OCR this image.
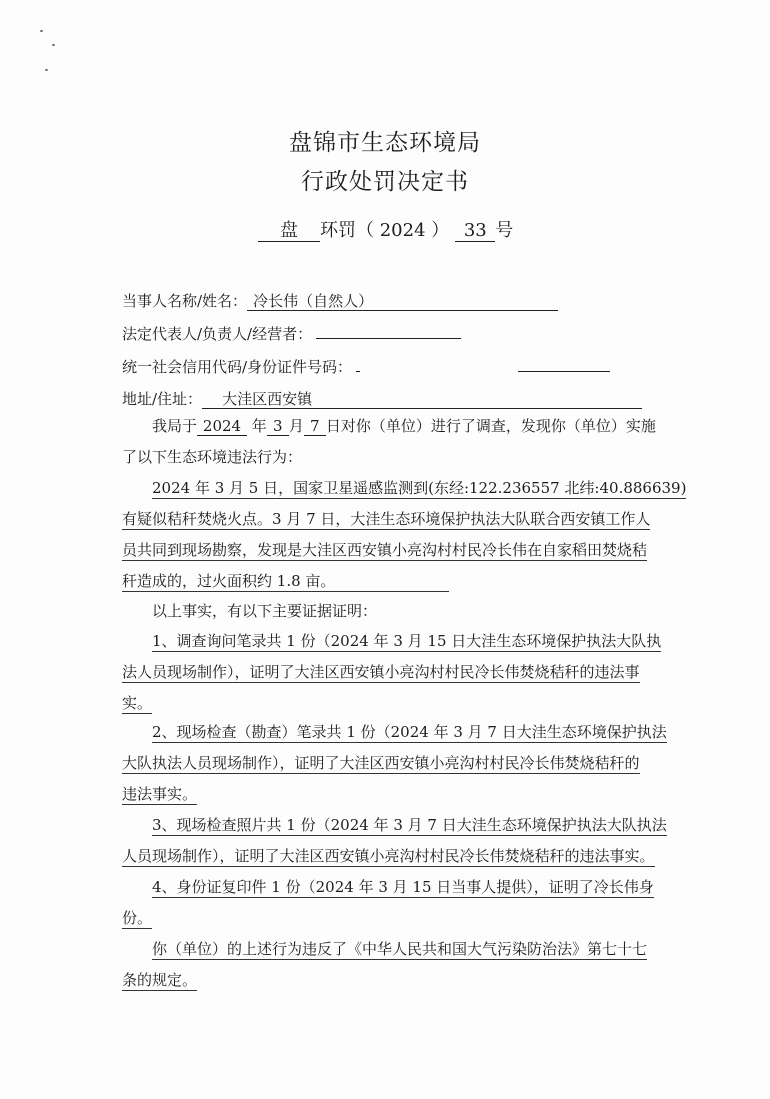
盘锦市生态环境局
行政处罚决定书
盘 环罚（ 2024 ） 33 号
当事人名称/姓名： 冷长伟（自然人）
法定代表人/负责人/经营者：
统一社会信用代码/身份证件号码：
地址/住址： 大洼区西安镇
我局于 2024 年 3 月 7 日对你（单位）进行了调查，发现你（单位）实施
了以下生态环境违法行为：
2024 年 3 月 5 日，国家卫星遥感监测到(东经:122.236557 北纬:40.886639)
有疑似秸秆焚烧火点。3 月 7 日，大洼生态环境保护执法大队联合西安镇工作人
员共同到现场勘察，发现是大洼区西安镇小亮沟村村民冷长伟在自家稻田焚烧秸
秆造成的，过火面积约 1.8 亩。
以上事实，有以下主要证据证明：
1、调查询问笔录共 1 份（2024 年 3 月 15 日大洼生态环境保护执法大队执
法人员现场制作），证明了大洼区西安镇小亮沟村村民冷长伟焚烧秸秆的违法事
实。
2、现场检查（勘查）笔录共 1 份（2024 年 3 月 7 日大洼生态环境保护执法
大队执法人员现场制作），证明了大洼区西安镇小亮沟村村民冷长伟焚烧秸秆的
违法事实。
3、现场检查照片共 1 份（2024 年 3 月 7 日大洼生态环境保护执法大队执法
人员现场制作），证明了大洼区西安镇小亮沟村村民冷长伟焚烧秸秆的违法事实。
4、身份证复印件 1 份（2024 年 3 月 15 日当事人提供），证明了冷长伟身
份。
你（单位）的上述行为违反了《中华人民共和国大气污染防治法》第七十七
条的规定。
